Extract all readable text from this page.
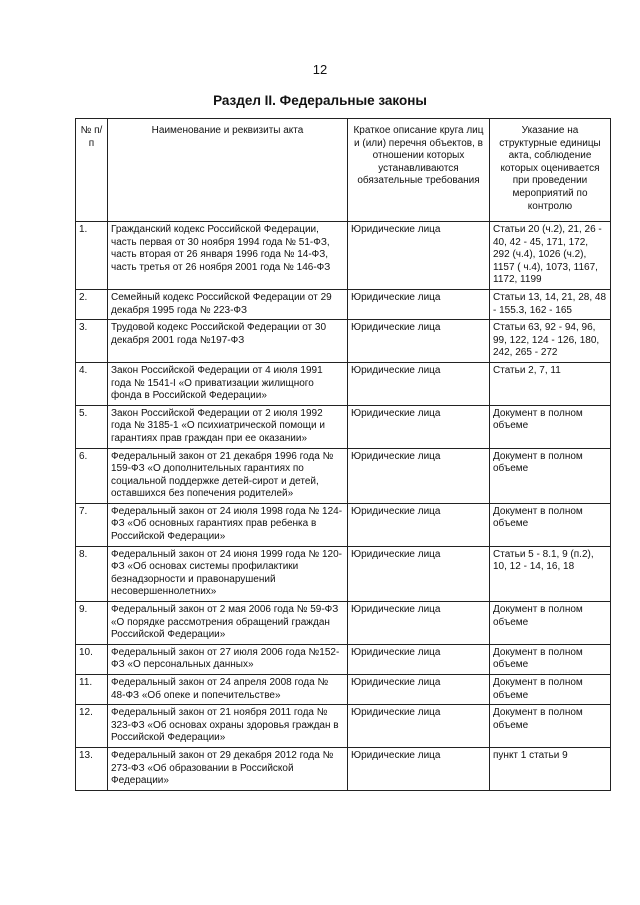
12
Раздел II. Федеральные законы
№ п/п	Наименование и реквизиты акта	Краткое описание круга лиц и (или) перечня объектов, в отношении которых устанавливаются обязательные требования	Указание на структурные единицы акта, соблюдение которых оценивается при проведении мероприятий по контролю
1.	Гражданский кодекс Российской Федерации, часть первая от 30 ноября 1994 года № 51-ФЗ, часть вторая от 26 января 1996 года № 14-ФЗ, часть третья от 26 ноября 2001 года № 146-ФЗ	Юридические лица	Статьи 20 (ч.2), 21, 26 - 40, 42 - 45, 171, 172, 292 (ч.4), 1026 (ч.2), 1157 ( ч.4), 1073, 1167, 1172, 1199
2.	Семейный кодекс Российской Федерации от 29 декабря 1995 года № 223-ФЗ	Юридические лица	Статьи 13, 14, 21, 28, 48 - 155.3, 162 - 165
3.	Трудовой кодекс Российской Федерации от 30 декабря 2001 года №197-ФЗ	Юридические лица	Статьи 63, 92 - 94, 96, 99, 122, 124 - 126, 180, 242, 265 - 272
4.	Закон Российской Федерации от 4 июля 1991 года № 1541-I «О приватизации жилищного фонда в Российской Федерации»	Юридические лица	Статьи 2, 7, 11
5.	Закон Российской Федерации от 2 июля 1992 года № 3185-1 «О психиатрической помощи и гарантиях прав граждан при ее оказании»	Юридические лица	Документ в полном объеме
6.	Федеральный закон от 21 декабря 1996 года № 159-ФЗ «О дополнительных гарантиях по социальной поддержке детей-сирот и детей, оставшихся без попечения родителей»	Юридические лица	Документ в полном объеме
7.	Федеральный закон от 24 июля 1998 года № 124-ФЗ «Об основных гарантиях прав ребенка в Российской Федерации»	Юридические лица	Документ в полном объеме
8.	Федеральный закон от 24 июня 1999 года № 120-ФЗ «Об основах системы профилактики безнадзорности и правонарушений несовершеннолетних»	Юридические лица	Статьи 5 - 8.1, 9 (п.2), 10, 12 - 14, 16, 18
9.	Федеральный закон от 2 мая 2006 года № 59-ФЗ «О порядке рассмотрения обращений граждан Российской Федерации»	Юридические лица	Документ в полном объеме
10.	Федеральный закон от 27 июля 2006 года №152-ФЗ «О персональных данных»	Юридические лица	Документ в полном объеме
11.	Федеральный закон от 24 апреля 2008 года № 48-ФЗ «Об опеке и попечительстве»	Юридические лица	Документ в полном объеме
12.	Федеральный закон от 21 ноября 2011 года № 323-ФЗ «Об основах охраны здоровья граждан в Российской Федерации»	Юридические лица	Документ в полном объеме
13.	Федеральный закон от 29 декабря 2012 года № 273-ФЗ «Об образовании в Российской Федерации»	Юридические лица	пункт 1 статьи 9
